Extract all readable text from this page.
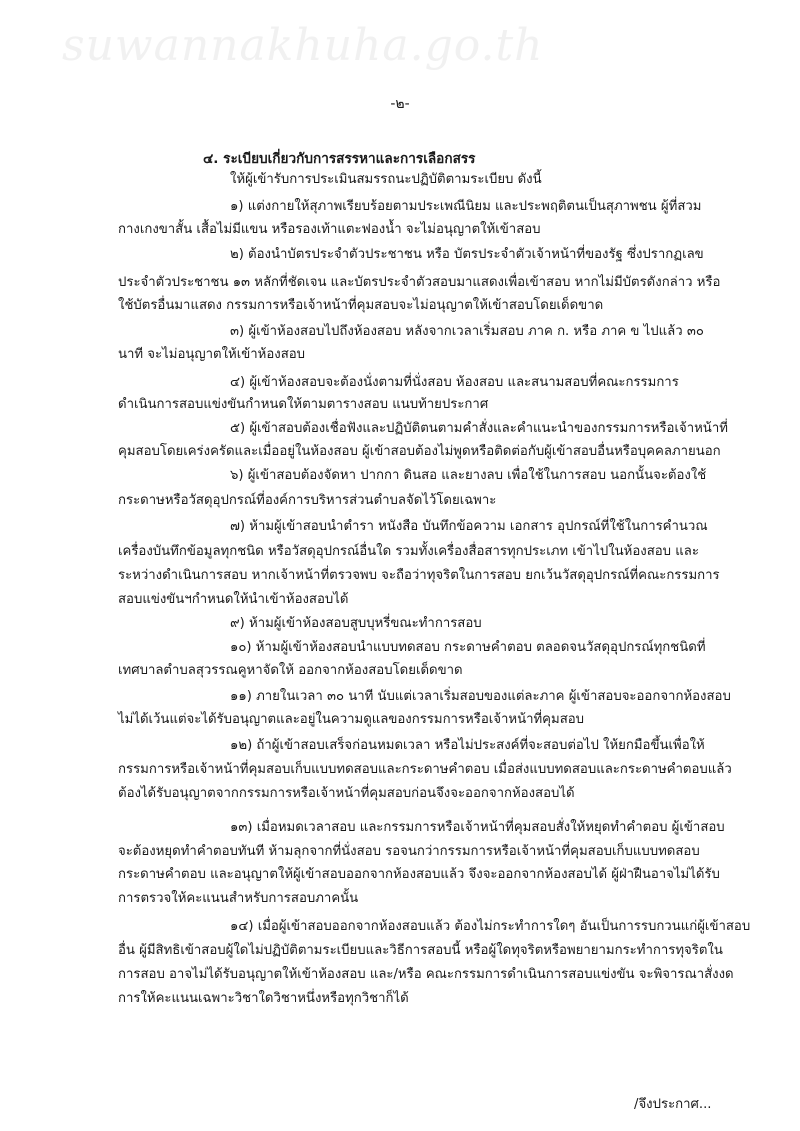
suwannakhuha.go.th
-๒-
๔. ระเบียบเกี่ยวกับการสรรหาและการเลือกสรร
ให้ผู้เข้ารับการประเมินสมรรถนะปฏิบัติตามระเบียบ ดังนี้
๑) แต่งกายให้สุภาพเรียบร้อยตามประเพณีนิยม และประพฤติตนเป็นสุภาพชน ผู้ที่สวม
กางเกงขาสั้น เสื้อไม่มีแขน หรือรองเท้าแตะฟองน้ำ จะไม่อนุญาตให้เข้าสอบ
๒) ต้องนำบัตรประจำตัวประชาชน หรือ บัตรประจำตัวเจ้าหน้าที่ของรัฐ ซึ่งปรากฏเลข
ประจำตัวประชาชน ๑๓ หลักที่ชัดเจน และบัตรประจำตัวสอบมาแสดงเพื่อเข้าสอบ หากไม่มีบัตรดังกล่าว หรือ
ใช้บัตรอื่นมาแสดง กรรมการหรือเจ้าหน้าที่คุมสอบจะไม่อนุญาตให้เข้าสอบโดยเด็ดขาด
๓) ผู้เข้าห้องสอบไปถึงห้องสอบ หลังจากเวลาเริ่มสอบ ภาค ก. หรือ ภาค ข ไปแล้ว ๓๐
นาที จะไม่อนุญาตให้เข้าห้องสอบ
๔) ผู้เข้าห้องสอบจะต้องนั่งตามที่นั่งสอบ ห้องสอบ และสนามสอบที่คณะกรรมการ
ดำเนินการสอบแข่งขันกำหนดให้ตามตารางสอบ แนบท้ายประกาศ
๕) ผู้เข้าสอบต้องเชื่อฟังและปฏิบัติตนตามคำสั่งและคำแนะนำของกรรมการหรือเจ้าหน้าที่
คุมสอบโดยเคร่งครัดและเมื่ออยู่ในห้องสอบ ผู้เข้าสอบต้องไม่พูดหรือติดต่อกับผู้เข้าสอบอื่นหรือบุคคลภายนอก
๖) ผู้เข้าสอบต้องจัดหา ปากกา ดินสอ และยางลบ เพื่อใช้ในการสอบ นอกนั้นจะต้องใช้
กระดาษหรือวัสดุอุปกรณ์ที่องค์การบริหารส่วนตำบลจัดไว้โดยเฉพาะ
๗) ห้ามผู้เข้าสอบนำตำรา หนังสือ บันทึกข้อความ เอกสาร อุปกรณ์ที่ใช้ในการคำนวณ
เครื่องบันทึกข้อมูลทุกชนิด หรือวัสดุอุปกรณ์อื่นใด รวมทั้งเครื่องสื่อสารทุกประเภท เข้าไปในห้องสอบ และ
ระหว่างดำเนินการสอบ หากเจ้าหน้าที่ตรวจพบ จะถือว่าทุจริตในการสอบ ยกเว้นวัสดุอุปกรณ์ที่คณะกรรมการ
สอบแข่งขันฯกำหนดให้นำเข้าห้องสอบได้
๙) ห้ามผู้เข้าห้องสอบสูบบุหรี่ขณะทำการสอบ
๑๐) ห้ามผู้เข้าห้องสอบนำแบบทดสอบ กระดาษคำตอบ ตลอดจนวัสดุอุปกรณ์ทุกชนิดที่
เทศบาลตำบลสุวรรณคูหาจัดให้ ออกจากห้องสอบโดยเด็ดขาด
๑๑) ภายในเวลา ๓๐ นาที นับแต่เวลาเริ่มสอบของแต่ละภาค ผู้เข้าสอบจะออกจากห้องสอบ
ไม่ได้เว้นแต่จะได้รับอนุญาตและอยู่ในความดูแลของกรรมการหรือเจ้าหน้าที่คุมสอบ
๑๒) ถ้าผู้เข้าสอบเสร็จก่อนหมดเวลา หรือไม่ประสงค์ที่จะสอบต่อไป ให้ยกมือขึ้นเพื่อให้
กรรมการหรือเจ้าหน้าที่คุมสอบเก็บแบบทดสอบและกระดาษคำตอบ เมื่อส่งแบบทดสอบและกระดาษคำตอบแล้ว
ต้องได้รับอนุญาตจากกรรมการหรือเจ้าหน้าที่คุมสอบก่อนจึงจะออกจากห้องสอบได้
๑๓) เมื่อหมดเวลาสอบ และกรรมการหรือเจ้าหน้าที่คุมสอบสั่งให้หยุดทำคำตอบ ผู้เข้าสอบ
จะต้องหยุดทำคำตอบทันที ห้ามลุกจากที่นั่งสอบ รอจนกว่ากรรมการหรือเจ้าหน้าที่คุมสอบเก็บแบบทดสอบ
กระดาษคำตอบ และอนุญาตให้ผู้เข้าสอบออกจากห้องสอบแล้ว จึงจะออกจากห้องสอบได้ ผู้ฝ่าฝืนอาจไม่ได้รับ
การตรวจให้คะแนนสำหรับการสอบภาคนั้น
๑๔) เมื่อผู้เข้าสอบออกจากห้องสอบแล้ว ต้องไม่กระทำการใดๆ อันเป็นการรบกวนแก่ผู้เข้าสอบ
อื่น ผู้มีสิทธิเข้าสอบผู้ใดไม่ปฏิบัติตามระเบียบและวิธีการสอบนี้ หรือผู้ใดทุจริตหรือพยายามกระทำการทุจริตใน
การสอบ อาจไม่ได้รับอนุญาตให้เข้าห้องสอบ และ/หรือ คณะกรรมการดำเนินการสอบแข่งขัน จะพิจารณาสั่งงด
การให้คะแนนเฉพาะวิชาใดวิชาหนึ่งหรือทุกวิชาก็ได้
/จึงประกาศ...
